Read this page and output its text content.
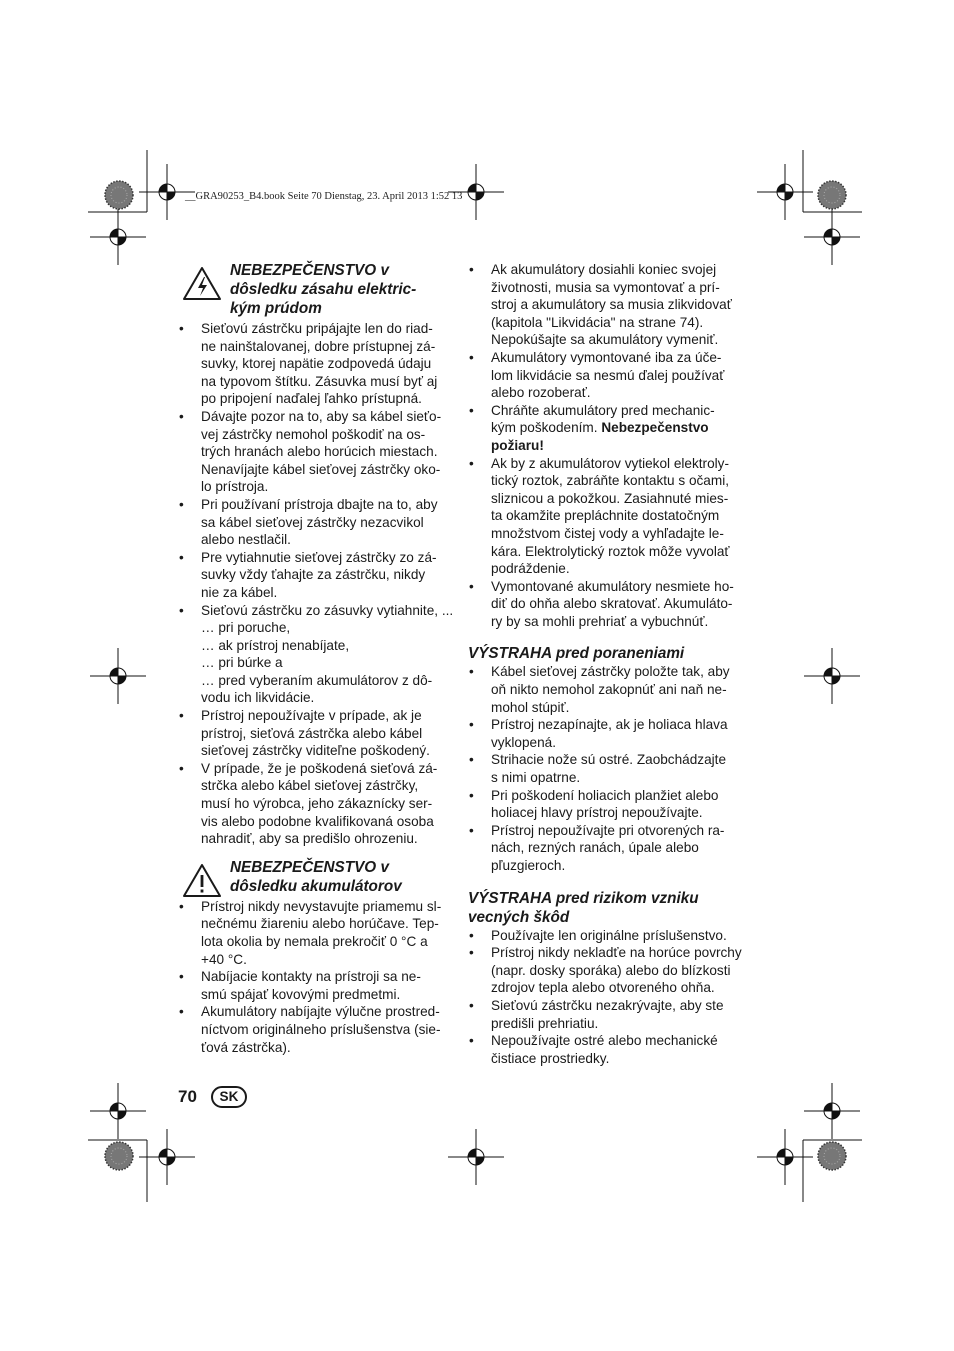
__GRA90253_B4.book Seite 70 Dienstag, 23. April 2013 1:52 13
NEBEZPEČENSTVO v
dôsledku zásahu elektric-
kým prúdom
• Sieťovú zástrčku pripájajte len do riad-
ne nainštalovanej, dobre prístupnej zá-
suvky, ktorej napätie zodpovedá údaju
na typovom štítku. Zásuvka musí byť aj
po pripojení naďalej ľahko prístupná.
• Dávajte pozor na to, aby sa kábel sieťo-
vej zástrčky nemohol poškodiť na os-
trých hranách alebo horúcich miestach.
Nenavíjajte kábel sieťovej zástrčky oko-
lo prístroja.
• Pri používaní prístroja dbajte na to, aby
sa kábel sieťovej zástrčky nezacvikol
alebo nestlačil.
• Pre vytiahnutie sieťovej zástrčky zo zá-
suvky vždy ťahajte za zástrčku, nikdy
nie za kábel.
• Sieťovú zástrčku zo zásuvky vytiahnite, ...
… pri poruche,
… ak prístroj nenabíjate,
… pri búrke a
… pred vyberaním akumulátorov z dô-
vodu ich likvidácie.
• Prístroj nepoužívajte v prípade, ak je
prístroj, sieťová zástrčka alebo kábel
sieťovej zástrčky viditeľne poškodený.
• V prípade, že je poškodená sieťová zá-
strčka alebo kábel sieťovej zástrčky,
musí ho výrobca, jeho zákaznícky ser-
vis alebo podobne kvalifikovaná osoba
nahradiť, aby sa predišlo ohrozeniu.
NEBEZPEČENSTVO v
dôsledku akumulátorov
• Prístroj nikdy nevystavujte priamemu sl-
nečnému žiareniu alebo horúčave. Tep-
lota okolia by nemala prekročiť 0 °C a
+40 °C.
• Nabíjacie kontakty na prístroji sa ne-
smú spájať kovovými predmetmi.
• Akumulátory nabíjajte výlučne prostred-
níctvom originálneho príslušenstva (sie-
ťová zástrčka).
• Ak akumulátory dosiahli koniec svojej
životnosti, musia sa vymontovať a prí-
stroj a akumulátory sa musia zlikvidovať
(kapitola "Likvidácia" na strane 74).
Nepokúšajte sa akumulátory vymeniť.
• Akumulátory vymontované iba za úče-
lom likvidácie sa nesmú ďalej používať
alebo rozoberať.
• Chráňte akumulátory pred mechanic-
kým poškodením. Nebezpečenstvo
požiaru!
• Ak by z akumulátorov vytiekol elektroly-
tický roztok, zabráňte kontaktu s očami,
sliznicou a pokožkou. Zasiahnuté mies-
ta okamžite prepláchnite dostatočným
množstvom čistej vody a vyhľadajte le-
kára. Elektrolytický roztok môže vyvolať
podráždenie.
• Vymontované akumulátory nesmiete ho-
diť do ohňa alebo skratovať. Akumuláto-
ry by sa mohli prehriať a vybuchnúť.
VÝSTRAHA pred poraneniami
• Kábel sieťovej zástrčky položte tak, aby
oň nikto nemohol zakopnúť ani naň ne-
mohol stúpiť.
• Prístroj nezapínajte, ak je holiaca hlava
vyklopená.
• Strihacie nože sú ostré. Zaobchádzajte
s nimi opatrne.
• Pri poškodení holiacich planžiet alebo
holiacej hlavy prístroj nepoužívajte.
• Prístroj nepoužívajte pri otvorených ra-
nách, rezných ranách, úpale alebo
pľuzgieroch.
VÝSTRAHA pred rizikom vzniku
vecných škôd
• Používajte len originálne príslušenstvo.
• Prístroj nikdy nekladťe na horúce povrchy
(napr. dosky sporáka) alebo do blízkosti
zdrojov tepla alebo otvoreného ohňa.
• Sieťovú zástrčku nezakrývajte, aby ste
predišli prehriatiu.
• Nepoužívajte ostré alebo mechanické
čistiace prostriedky.
70	SK
